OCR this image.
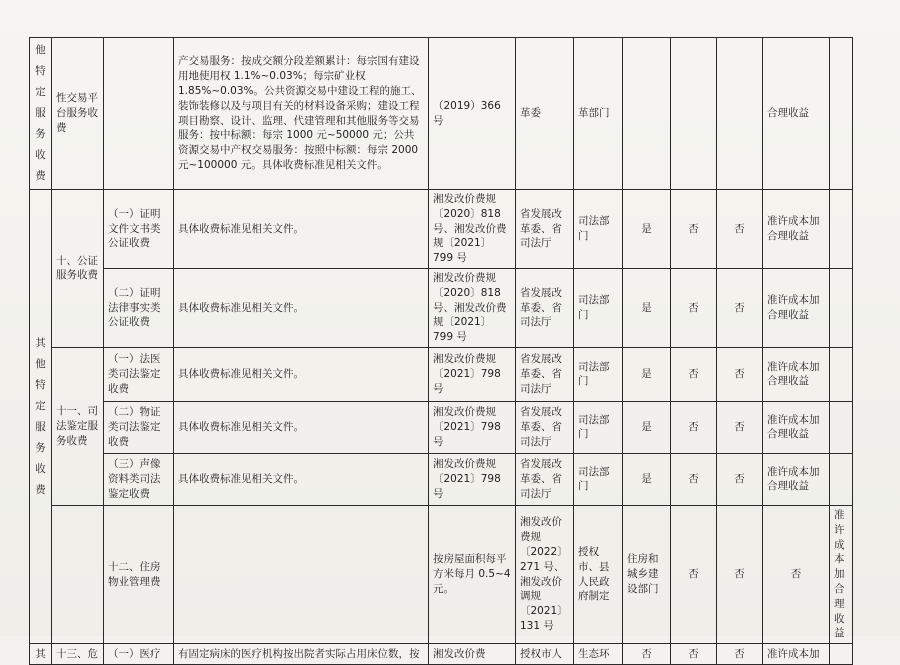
他特定服务收费	性交易平台服务收费		产交易服务：按成交额分段差额累计：每宗国有建设用地使用权 1.1%~0.03%；每宗矿业权 1.85%~0.03%。公共资源交易中建设工程的施工、装饰装修以及与项目有关的材料设备采购；建设工程项目勘察、设计、监理、代建管理和其他服务等交易服务：按中标额：每宗 1000 元~50000 元；公共资源交易中产权交易服务：按照中标额：每宗 2000 元~100000 元。具体收费标准见相关文件。	（2019）366 号	革委	革部门				合理收益		
其他特定服务收费	十、公证服务收费	（一）证明文件文书类公证收费	具体收费标准见相关文件。	湘发改价费规〔2020〕818 号、湘发改价费规〔2021〕799 号	省发展改革委、省司法厅	司法部门	是	否	否	准许成本加合理收益		
		（二）证明法律事实类公证收费	具体收费标准见相关文件。	湘发改价费规〔2020〕818 号、湘发改价费规〔2021〕799 号	省发展改革委、省司法厅	司法部门	是	否	否	准许成本加合理收益		
	十一、司法鉴定服务收费	（一）法医类司法鉴定收费	具体收费标准见相关文件。	湘发改价费规〔2021〕798 号	省发展改革委、省司法厅	司法部门	是	否	否	准许成本加合理收益		
		（二）物证类司法鉴定收费	具体收费标准见相关文件。	湘发改价费规〔2021〕798 号	省发展改革委、省司法厅	司法部门	是	否	否	准许成本加合理收益		
		（三）声像资料类司法鉴定收费	具体收费标准见相关文件。	湘发改价费规〔2021〕798 号	省发展改革委、省司法厅	司法部门	是	否	否	准许成本加合理收益		
		十二、住房物业管理费		按房屋面积每平方米每月 0.5~4 元。	湘发改价费规〔2022〕271 号、湘发改价调规〔2021〕131 号	授权市、县人民政府制定	住房和城乡建设部门	否	否	否	准许成本加合理收益	
其	十三、危	（一）医疗	有固定病床的医疗机构按出院者实际占用床位数，按	湘发改价费	授权市人	生态环	否	否	否	准许成本加		
